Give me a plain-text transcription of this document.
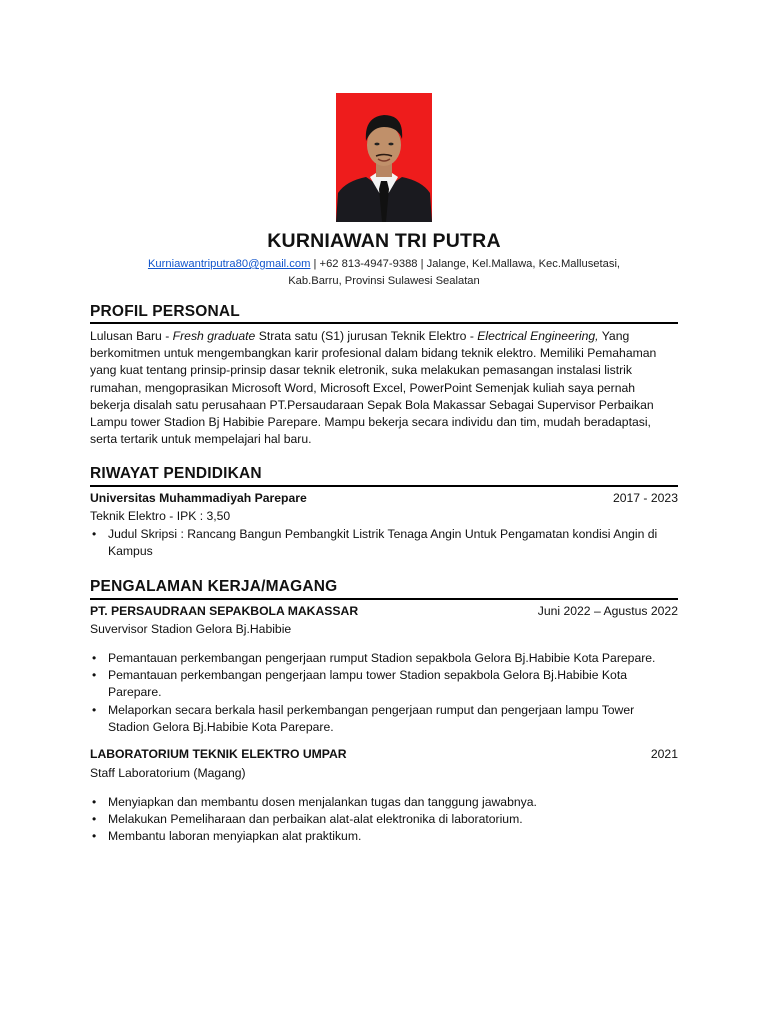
KURNIAWAN TRI PUTRA
Kurniawantriputra80@gmail.com | +62 813-4947-9388 | Jalange, Kel.Mallawa, Kec.Mallusetasi,
Kab.Barru, Provinsi Sulawesi Sealatan
PROFIL PERSONAL
Lulusan Baru - Fresh graduate Strata satu (S1) jurusan Teknik Elektro - Electrical Engineering, Yang
berkomitmen untuk mengembangkan karir profesional dalam bidang teknik elektro. Memiliki Pemahaman
yang kuat tentang prinsip-prinsip dasar teknik eletronik, suka melakukan pemasangan instalasi listrik
rumahan, mengoprasikan Microsoft Word, Microsoft Excel, PowerPoint Semenjak kuliah saya pernah
bekerja disalah satu perusahaan PT.Persaudaraan Sepak Bola Makassar Sebagai Supervisor Perbaikan
Lampu tower Stadion Bj Habibie Parepare. Mampu bekerja secara individu dan tim, mudah beradaptasi,
serta tertarik untuk mempelajari hal baru.
RIWAYAT PENDIDIKAN
Universitas Muhammadiyah Parepare	2017 - 2023
Teknik Elektro - IPK : 3,50
• Judul Skripsi : Rancang Bangun Pembangkit Listrik Tenaga Angin Untuk Pengamatan kondisi Angin di
Kampus
PENGALAMAN KERJA/MAGANG
PT. PERSAUDRAAN SEPAKBOLA MAKASSAR	Juni 2022 – Agustus 2022
Suvervisor Stadion Gelora Bj.Habibie
• Pemantauan perkembangan pengerjaan rumput Stadion sepakbola Gelora Bj.Habibie Kota Parepare.
• Pemantauan perkembangan pengerjaan lampu tower Stadion sepakbola Gelora Bj.Habibie Kota
Parepare.
• Melaporkan secara berkala hasil perkembangan pengerjaan rumput dan pengerjaan lampu Tower
Stadion Gelora Bj.Habibie Kota Parepare.
LABORATORIUM TEKNIK ELEKTRO UMPAR	2021
Staff Laboratorium (Magang)
• Menyiapkan dan membantu dosen menjalankan tugas dan tanggung jawabnya.
• Melakukan Pemeliharaan dan perbaikan alat-alat elektronika di laboratorium.
• Membantu laboran menyiapkan alat praktikum.
